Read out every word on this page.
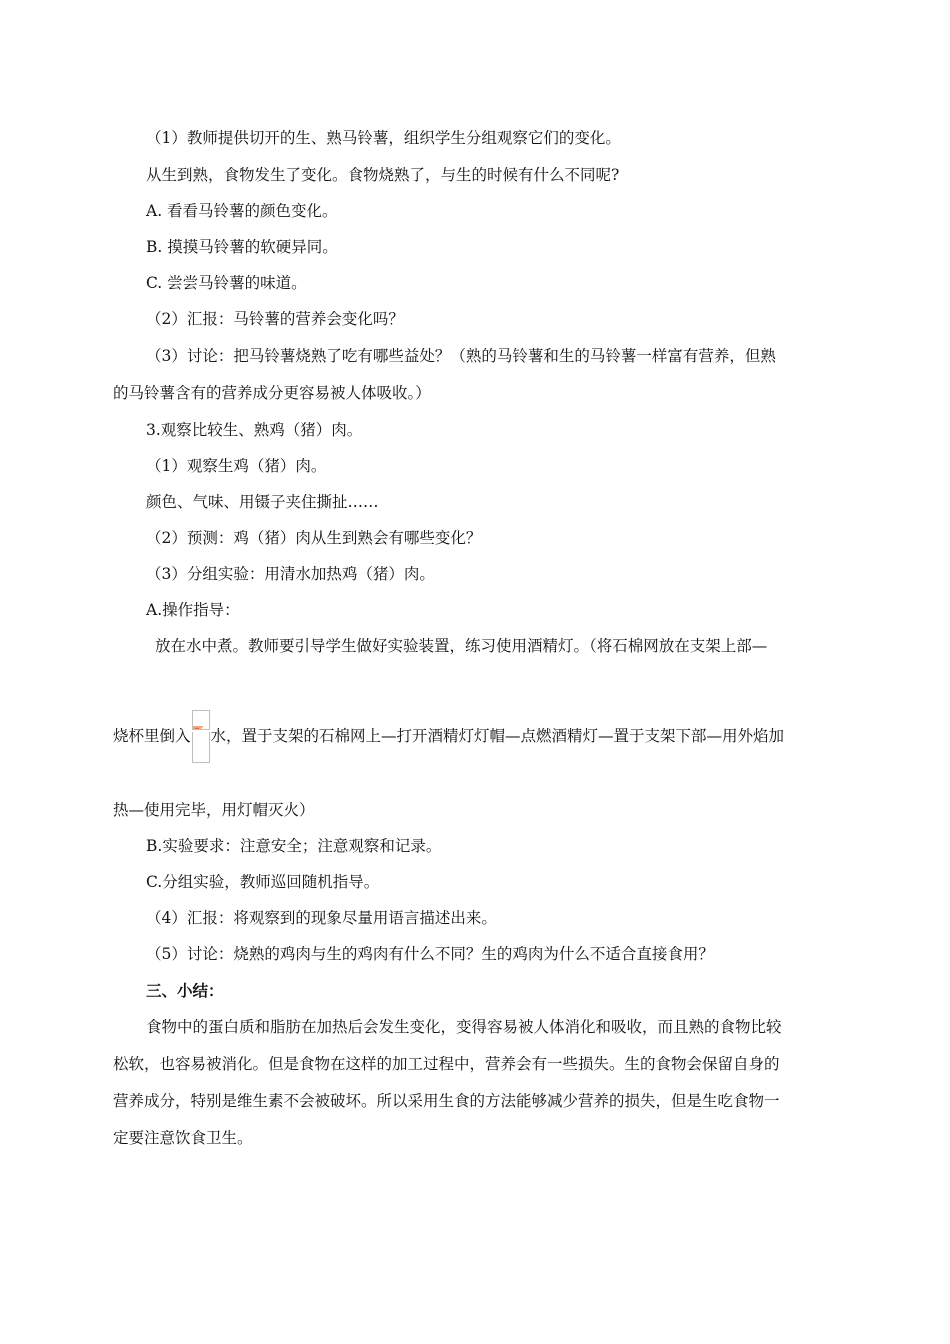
（1）教师提供切开的生、熟马铃薯，组织学生分组观察它们的变化。
从生到熟，食物发生了变化。食物烧熟了，与生的时候有什么不同呢?
A. 看看马铃薯的颜色变化。
B. 摸摸马铃薯的软硬异同。
C. 尝尝马铃薯的味道。
（2）汇报：马铃薯的营养会变化吗？
（3）讨论：把马铃薯烧熟了吃有哪些益处？（熟的马铃薯和生的马铃薯一样富有营养，但熟
的马铃薯含有的营养成分更容易被人体吸收。）
3.观察比较生、熟鸡（猪）肉。
（1）观察生鸡（猪）肉。
颜色、气味、用镊子夹住撕扯……
（2）预测：鸡（猪）肉从生到熟会有哪些变化？
（3）分组实验：用清水加热鸡（猪）肉。
A.操作指导：
放在水中煮。教师要引导学生做好实验装置，练习使用酒精灯。（将石棉网放在支架上部—
烧杯里倒入 水，置于支架的石棉网上—打开酒精灯灯帽—点燃酒精灯—置于支架下部—用外焰加
热—使用完毕，用灯帽灭火）
B.实验要求：注意安全；注意观察和记录。
C.分组实验，教师巡回随机指导。
（4）汇报：将观察到的现象尽量用语言描述出来。
（5）讨论：烧熟的鸡肉与生的鸡肉有什么不同？生的鸡肉为什么不适合直接食用？
三、小结：
食物中的蛋白质和脂肪在加热后会发生变化，变得容易被人体消化和吸收，而且熟的食物比较
松软，也容易被消化。但是食物在这样的加工过程中，营养会有一些损失。生的食物会保留自身的
营养成分，特别是维生素不会被破坏。所以采用生食的方法能够减少营养的损失，但是生吃食物一
定要注意饮食卫生。
